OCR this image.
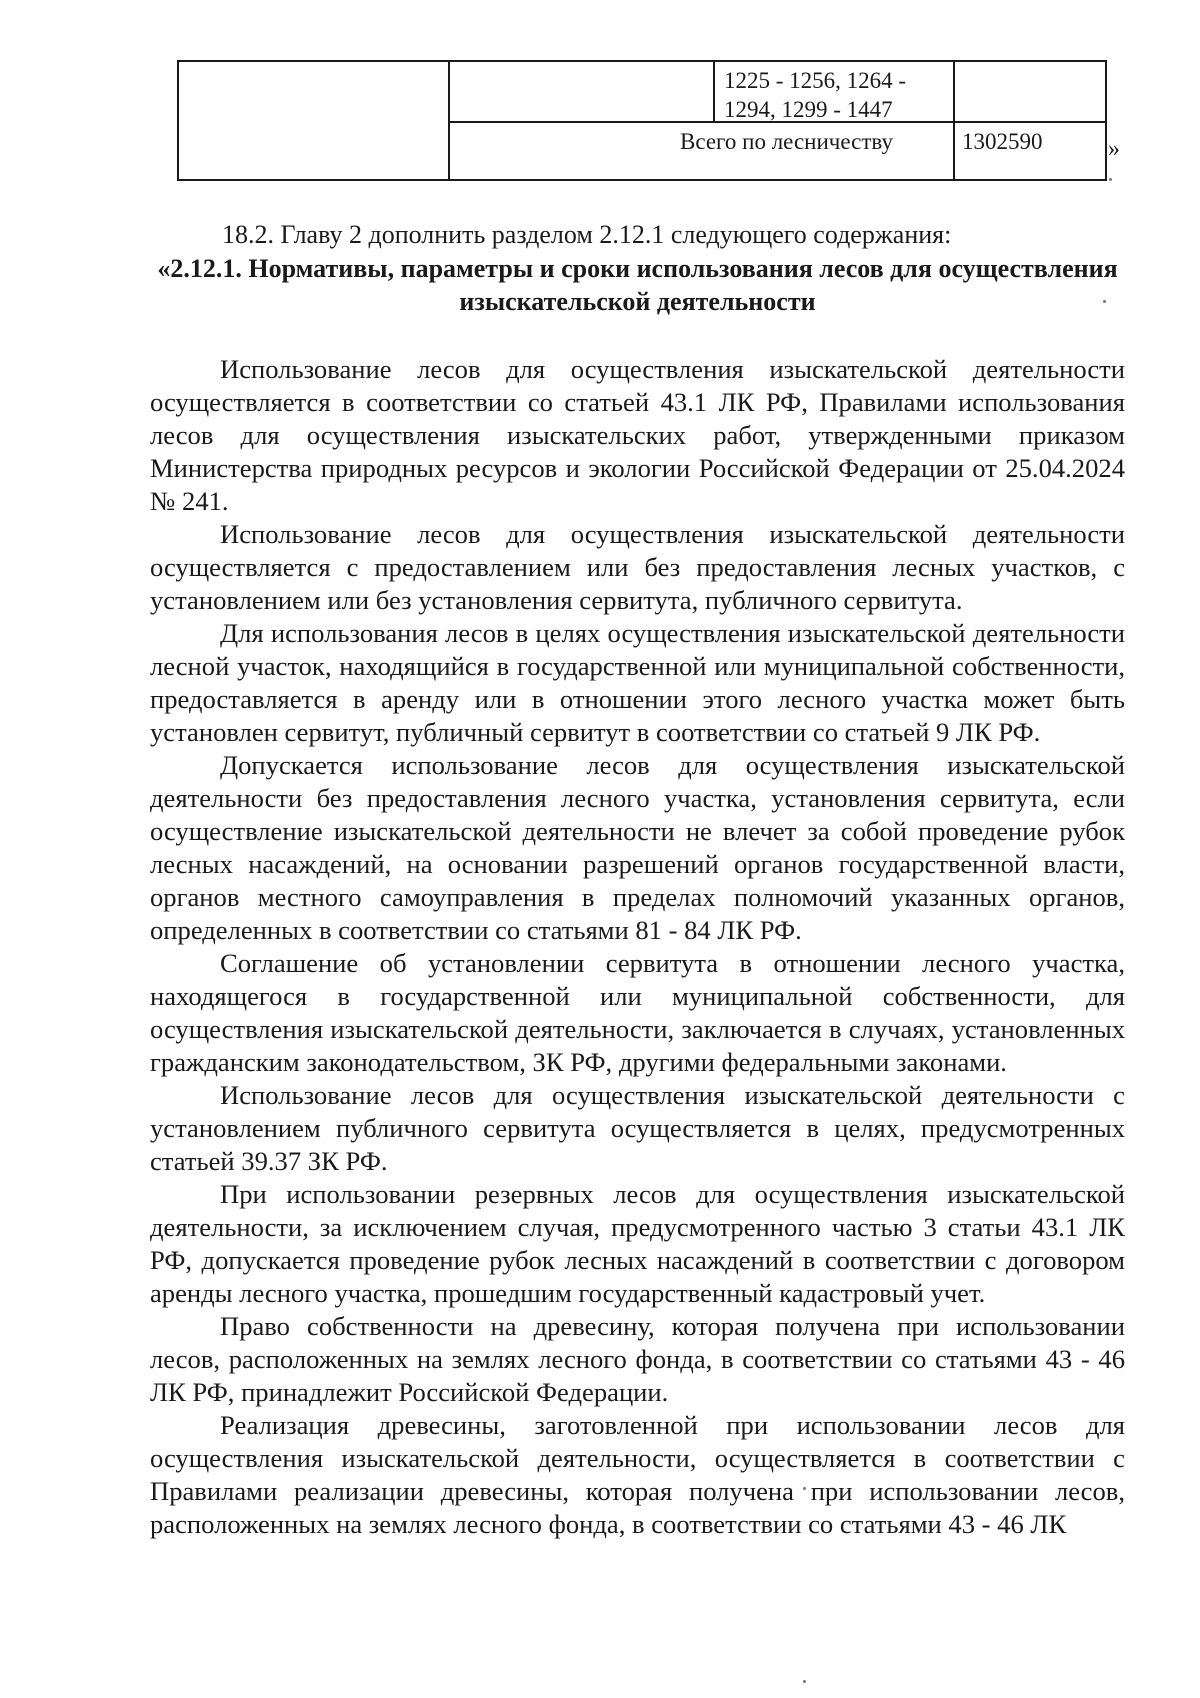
1225 - 1256, 1264 -
1294, 1299 - 1447
Всего по лесничеству	1302590	»
18.2. Главу 2 дополнить разделом 2.12.1 следующего содержания:
«2.12.1. Нормативы, параметры и сроки использования лесов для осуществления изыскательской деятельности

Использование лесов для осуществления изыскательской деятельности осуществляется в соответствии со статьей 43.1 ЛК РФ, Правилами использования лесов для осуществления изыскательских работ, утвержденными приказом Министерства природных ресурсов и экологии Российской Федерации от 25.04.2024 № 241.

Использование лесов для осуществления изыскательской деятельности осуществляется с предоставлением или без предоставления лесных участков, с установлением или без установления сервитута, публичного сервитута.

Для использования лесов в целях осуществления изыскательской деятельности лесной участок, находящийся в государственной или муниципальной собственности, предоставляется в аренду или в отношении этого лесного участка может быть установлен сервитут, публичный сервитут в соответствии со статьей 9 ЛК РФ.

Допускается использование лесов для осуществления изыскательской деятельности без предоставления лесного участка, установления сервитута, если осуществление изыскательской деятельности не влечет за собой проведение рубок лесных насаждений, на основании разрешений органов государственной власти, органов местного самоуправления в пределах полномочий указанных органов, определенных в соответствии со статьями 81 - 84 ЛК РФ.

Соглашение об установлении сервитута в отношении лесного участка, находящегося в государственной или муниципальной собственности, для осуществления изыскательской деятельности, заключается в случаях, установленных гражданским законодательством, ЗК РФ, другими федеральными законами.

Использование лесов для осуществления изыскательской деятельности с установлением публичного сервитута осуществляется в целях, предусмотренных статьей 39.37 ЗК РФ.

При использовании резервных лесов для осуществления изыскательской деятельности, за исключением случая, предусмотренного частью 3 статьи 43.1 ЛК РФ, допускается проведение рубок лесных насаждений в соответствии с договором аренды лесного участка, прошедшим государственный кадастровый учет.

Право собственности на древесину, которая получена при использовании лесов, расположенных на землях лесного фонда, в соответствии со статьями 43 - 46 ЛК РФ, принадлежит Российской Федерации.

Реализация древесины, заготовленной при использовании лесов для осуществления изыскательской деятельности, осуществляется в соответствии с Правилами реализации древесины, которая получена при использовании лесов, расположенных на землях лесного фонда, в соответствии со статьями 43 - 46 ЛК
